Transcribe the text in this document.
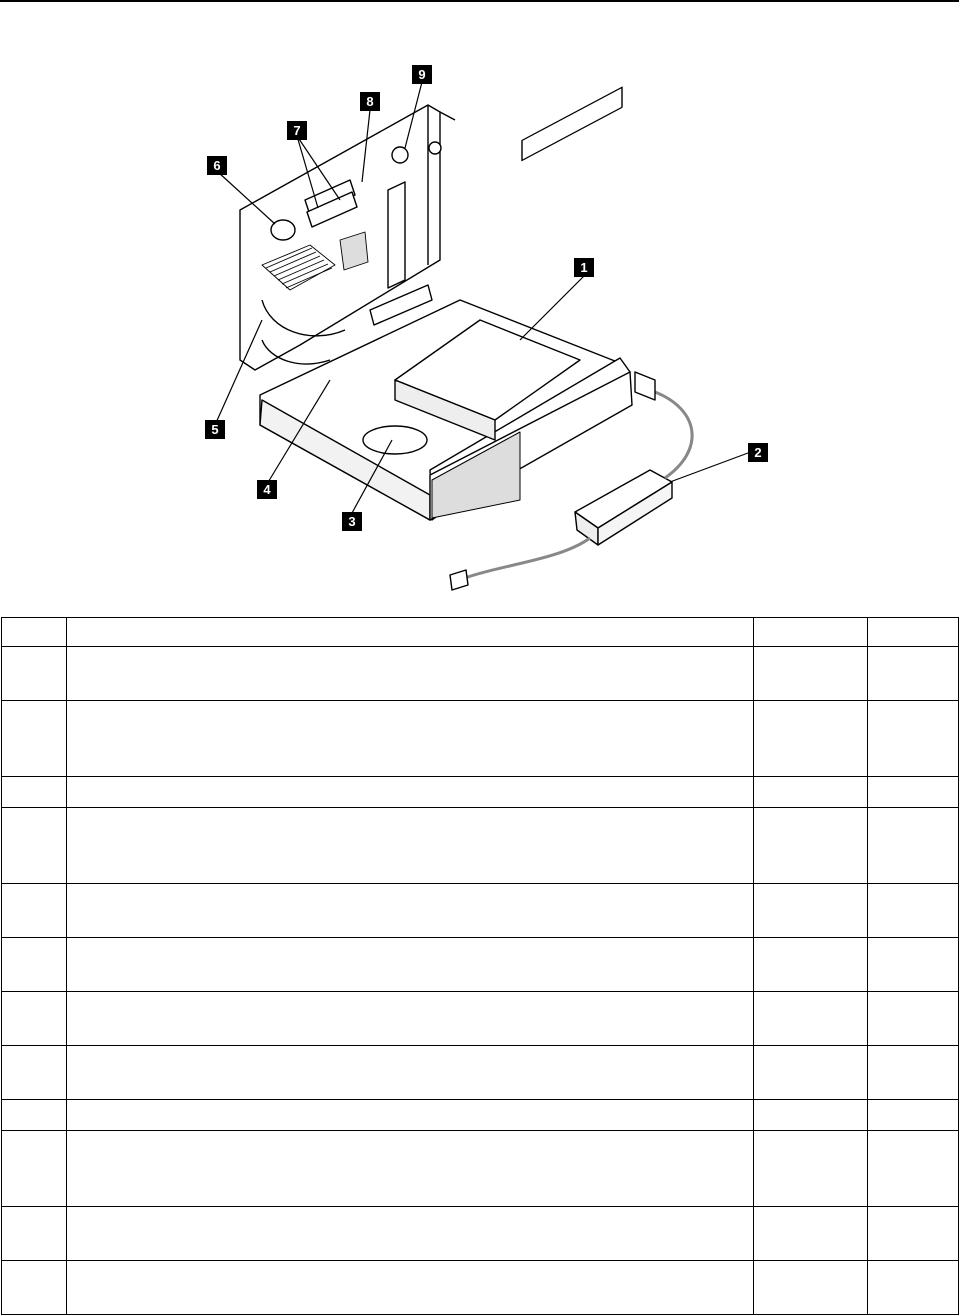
1
2
3
4
5
6
7
8
9
